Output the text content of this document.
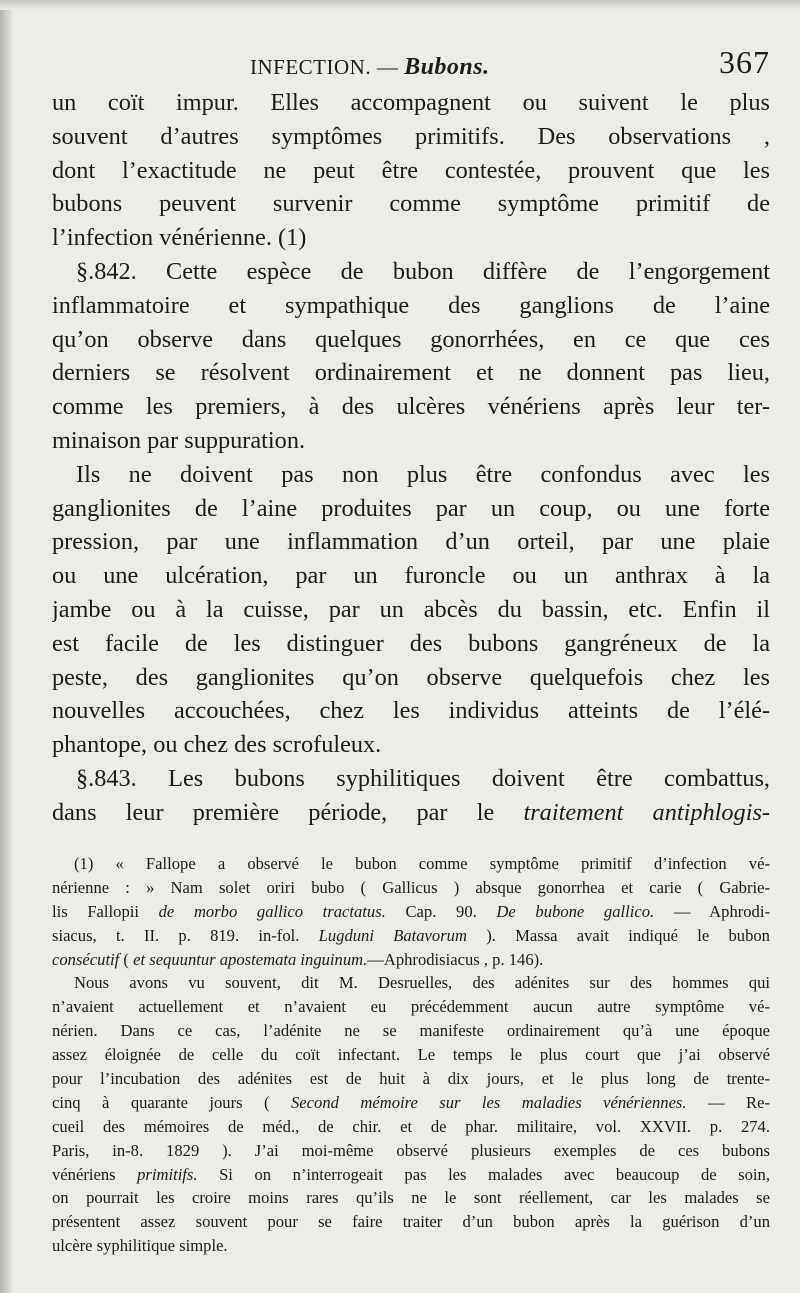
INFECTION. — Bubons.	367
un coït impur. Elles accompagnent ou suivent le plus
souvent d’autres symptômes primitifs. Des observations ,
dont l’exactitude ne peut être contestée, prouvent que les
bubons peuvent survenir comme symptôme primitif de
l’infection vénérienne. (1)
§.842. Cette espèce de bubon diffère de l’engorgement
inflammatoire et sympathique des ganglions de l’aine
qu’on observe dans quelques gonorrhées, en ce que ces
derniers se résolvent ordinairement et ne donnent pas lieu,
comme les premiers, à des ulcères vénériens après leur ter-
minaison par suppuration.
Ils ne doivent pas non plus être confondus avec les
ganglionites de l’aine produites par un coup, ou une forte
pression, par une inflammation d’un orteil, par une plaie
ou une ulcération, par un furoncle ou un anthrax à la
jambe ou à la cuisse, par un abcès du bassin, etc. Enfin il
est facile de les distinguer des bubons gangréneux de la
peste, des ganglionites qu’on observe quelquefois chez les
nouvelles accouchées, chez les individus atteints de l’élé-
phantope, ou chez des scrofuleux.
§.843. Les bubons syphilitiques doivent être combattus,
dans leur première période, par le traitement antiphlogis-
(1) « Fallope a observé le bubon comme symptôme primitif d’infection vé-
nérienne : » Nam solet oriri bubo ( Gallicus ) absque gonorrhea et carie ( Gabrie-
lis Fallopii de morbo gallico tractatus. Cap. 90. De bubone gallico. — Aphrodi-
siacus, t. II. p. 819. in-fol. Lugduni Batavorum ). Massa avait indiqué le bubon
consécutif ( et sequuntur apostemata inguinum.—Aphrodisiacus , p. 146).
Nous avons vu souvent, dit M. Desruelles, des adénites sur des hommes qui
n’avaient actuellement et n’avaient eu précédemment aucun autre symptôme vé-
nérien. Dans ce cas, l’adénite ne se manifeste ordinairement qu’à une époque
assez éloignée de celle du coït infectant. Le temps le plus court que j’ai observé
pour l’incubation des adénites est de huit à dix jours, et le plus long de trente-
cinq à quarante jours ( Second mémoire sur les maladies vénériennes. — Re-
cueil des mémoires de méd., de chir. et de phar. militaire, vol. XXVII. p. 274.
Paris, in-8. 1829 ). J’ai moi-même observé plusieurs exemples de ces bubons
vénériens primitifs. Si on n’interrogeait pas les malades avec beaucoup de soin,
on pourrait les croire moins rares qu’ils ne le sont réellement, car les malades se
présentent assez souvent pour se faire traiter d’un bubon après la guérison d’un
ulcère syphilitique simple.
